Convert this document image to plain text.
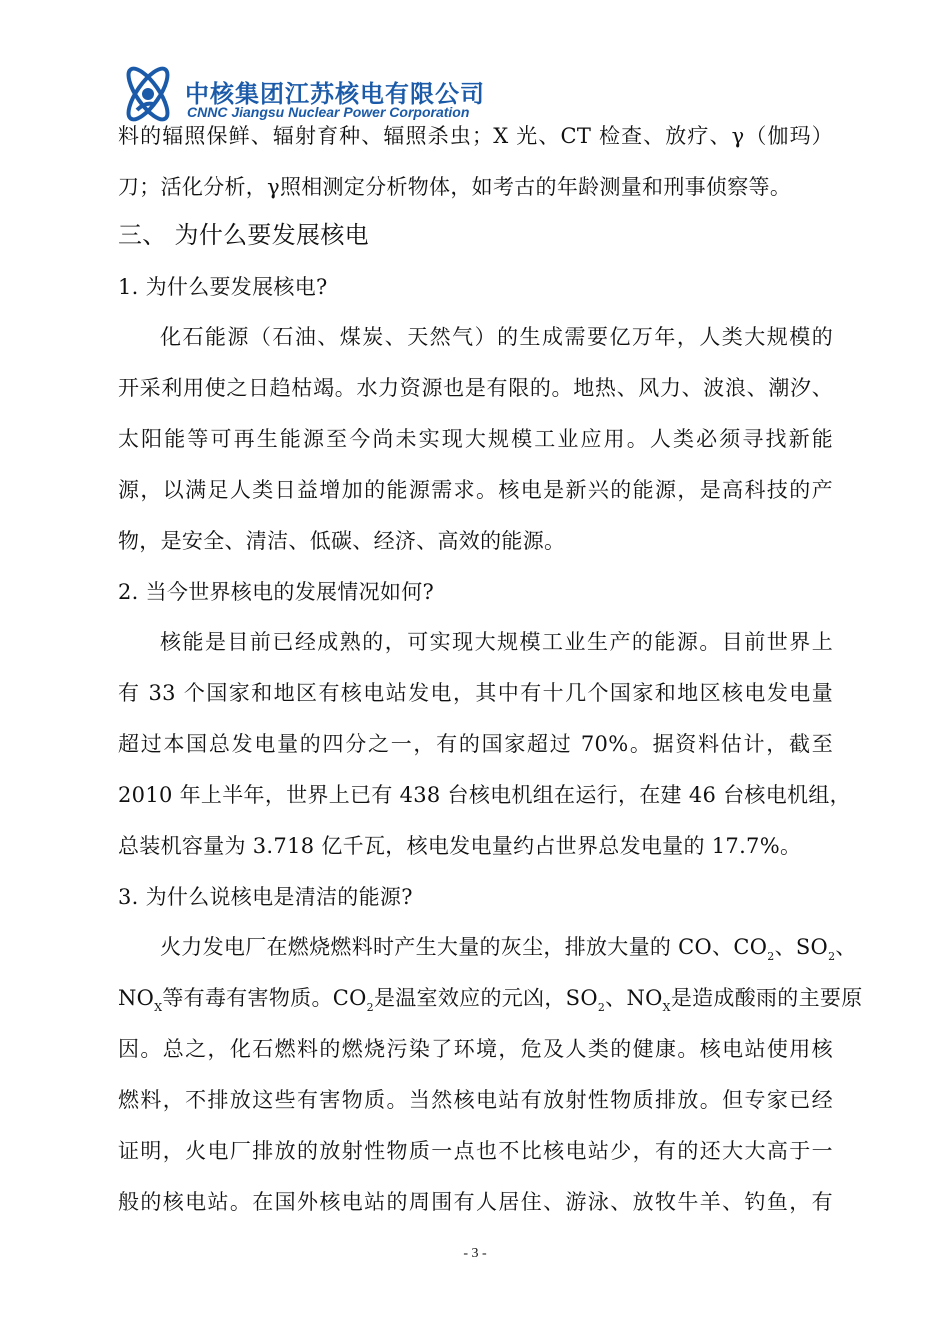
中核集团江苏核电有限公司
CNNC Jiangsu Nuclear Power Corporation
料的辐照保鲜、辐射育种、辐照杀虫；X 光、CT 检查、放疗、γ（伽玛）
刀；活化分析，γ照相测定分析物体，如考古的年龄测量和刑事侦察等。
三、 为什么要发展核电
1. 为什么要发展核电?
化石能源（石油、煤炭、天然气）的生成需要亿万年，人类大规模的
开采利用使之日趋枯竭。水力资源也是有限的。地热、风力、波浪、潮汐、
太阳能等可再生能源至今尚未实现大规模工业应用。人类必须寻找新能
源，以满足人类日益增加的能源需求。核电是新兴的能源，是高科技的产
物，是安全、清洁、低碳、经济、高效的能源。
2. 当今世界核电的发展情况如何?
核能是目前已经成熟的，可实现大规模工业生产的能源。目前世界上
有 33 个国家和地区有核电站发电，其中有十几个国家和地区核电发电量
超过本国总发电量的四分之一，有的国家超过 70%。据资料估计，截至
2010 年上半年，世界上已有 438 台核电机组在运行，在建 46 台核电机组，
总装机容量为 3.718 亿千瓦，核电发电量约占世界总发电量的 17.7%。
3. 为什么说核电是清洁的能源?
火力发电厂在燃烧燃料时产生大量的灰尘，排放大量的 CO、$CO_2$、$SO_2$、
$NO_X$等有毒有害物质。$CO_2$是温室效应的元凶，$SO_2$、$NO_X$是造成酸雨的主要原
因。总之，化石燃料的燃烧污染了环境，危及人类的健康。核电站使用核
燃料，不排放这些有害物质。当然核电站有放射性物质排放。但专家已经
证明，火电厂排放的放射性物质一点也不比核电站少，有的还大大高于一
般的核电站。在国外核电站的周围有人居住、游泳、放牧牛羊、钓鱼，有
- 3 -
